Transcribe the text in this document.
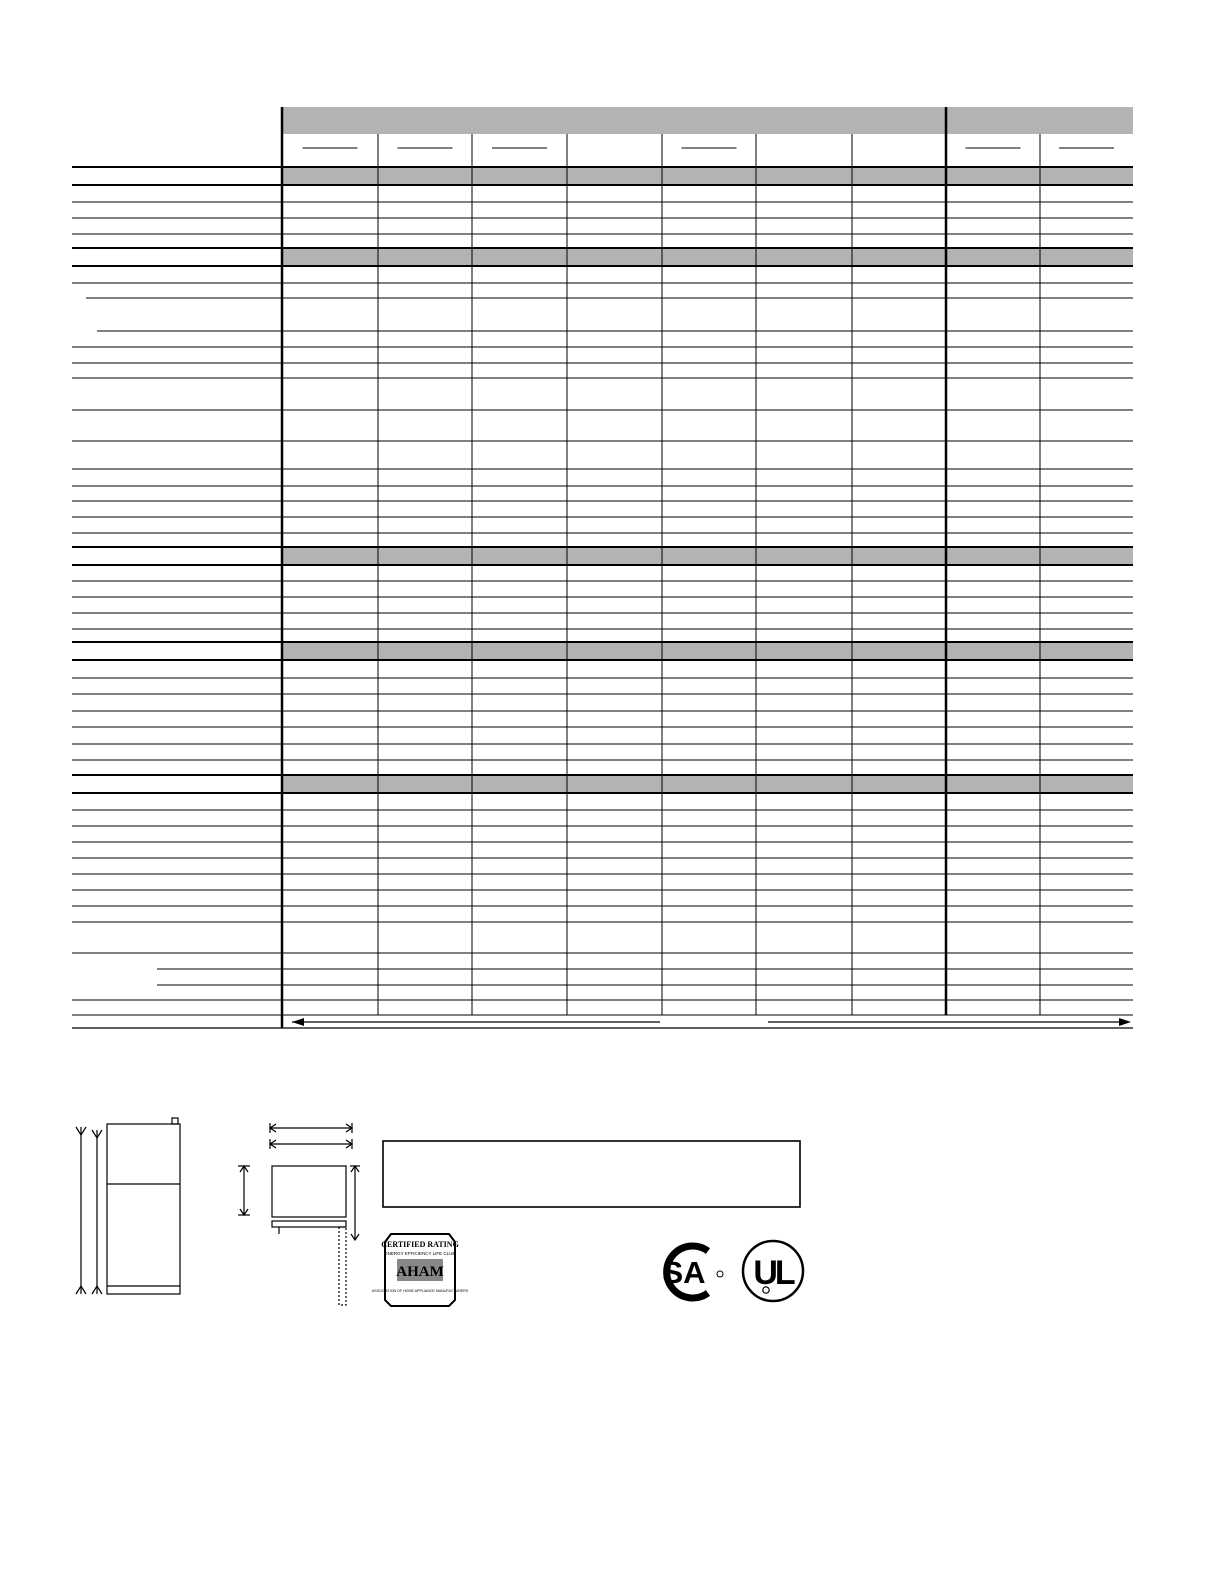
CERTIFIED RATING
ENERGY EFFICIENCY LIFE CLUB
AHAM
ASSOCIATION OF HOME APPLIANCE MANUFACTURERS
SA UL
